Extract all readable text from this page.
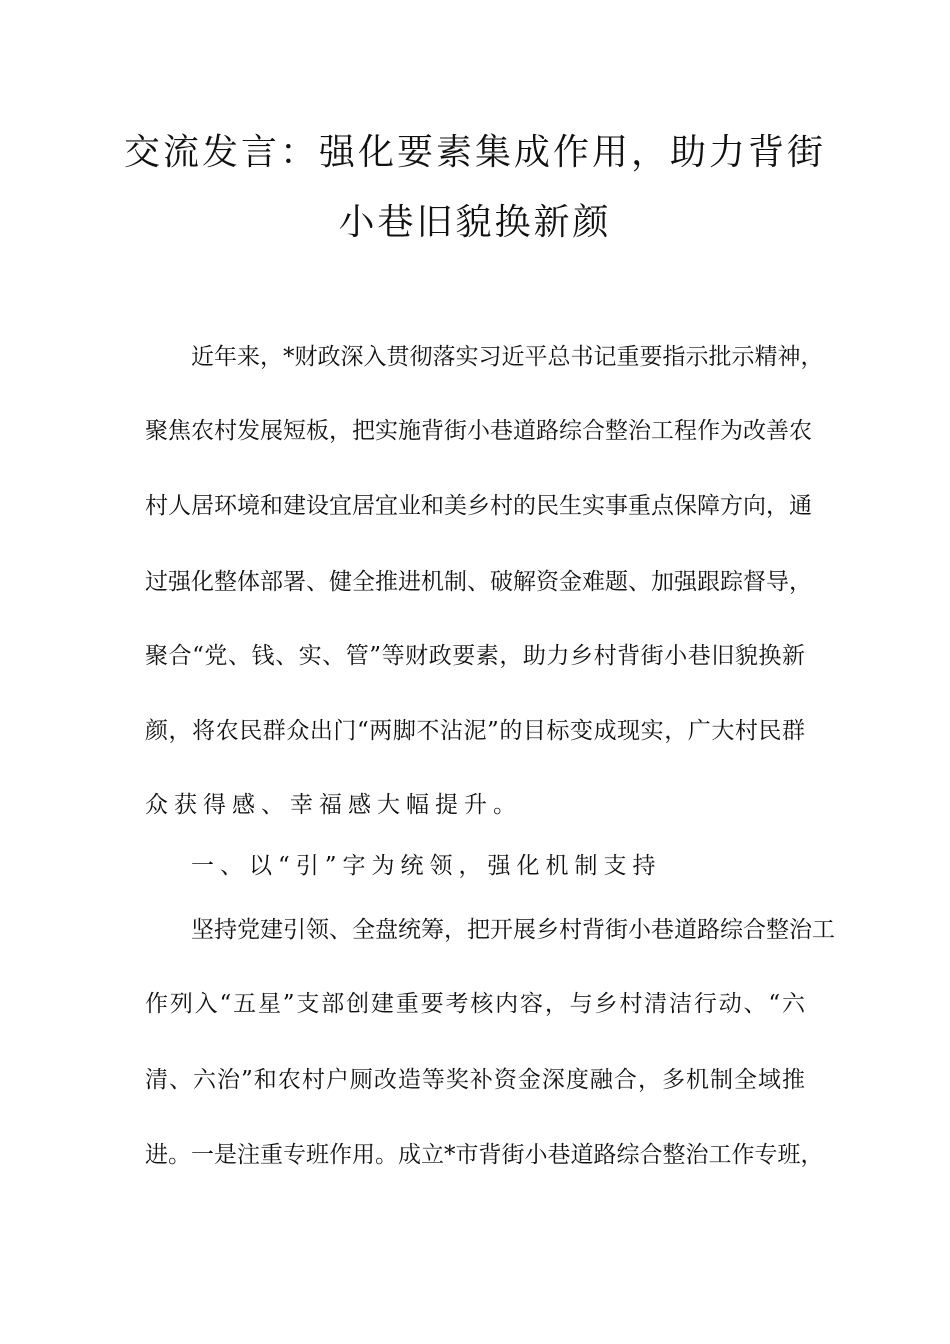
交流发言：强化要素集成作用，助力背街
小巷旧貌换新颜
近年来，*财政深入贯彻落实习近平总书记重要指示批示精神，
聚焦农村发展短板，把实施背街小巷道路综合整治工程作为改善农
村人居环境和建设宜居宜业和美乡村的民生实事重点保障方向，通
过强化整体部署、健全推进机制、破解资金难题、加强跟踪督导，
聚合“党、钱、实、管”等财政要素，助力乡村背街小巷旧貌换新
颜，将农民群众出门“两脚不沾泥”的目标变成现实，广大村民群
众获得感、幸福感大幅提升。
一、以“引”字为统领，强化机制支持
坚持党建引领、全盘统筹，把开展乡村背街小巷道路综合整治工
作列入“五星”支部创建重要考核内容，与乡村清洁行动、“六
清、六治”和农村户厕改造等奖补资金深度融合，多机制全域推
进。一是注重专班作用。成立*市背街小巷道路综合整治工作专班，
